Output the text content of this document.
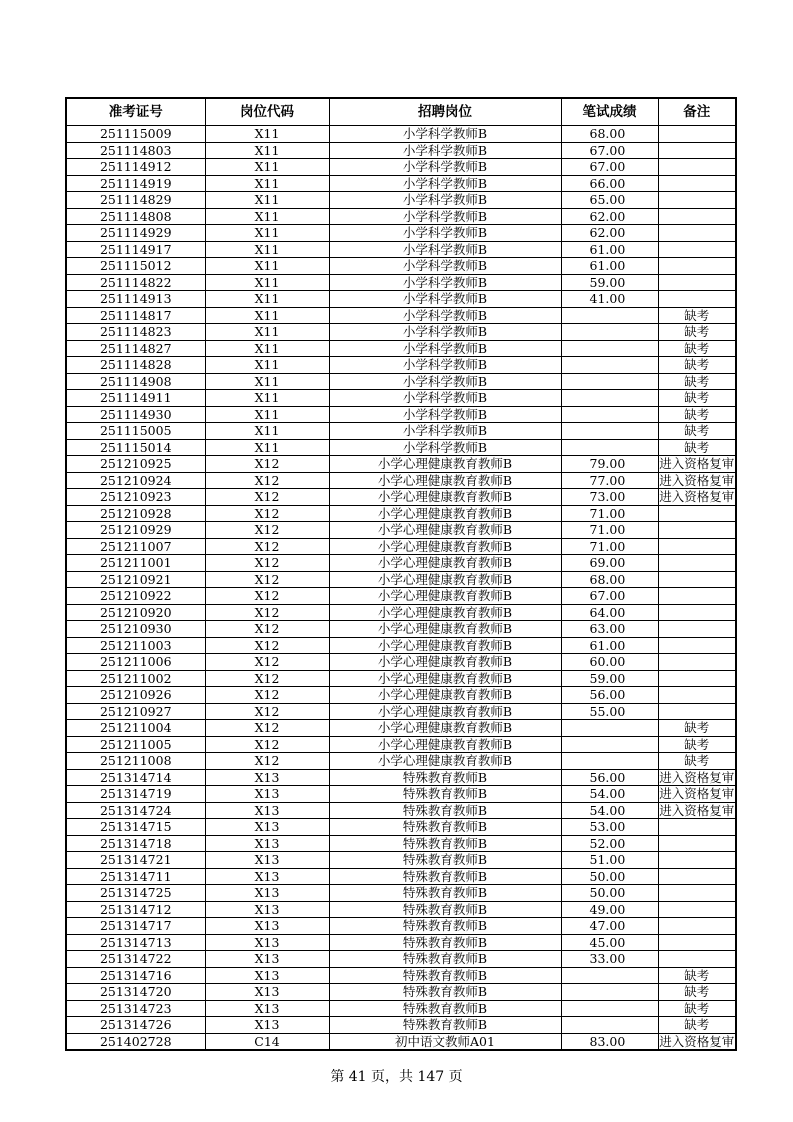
准考证号	岗位代码	招聘岗位	笔试成绩	备注
251115009	X11	小学科学教师B	68.00	
251114803	X11	小学科学教师B	67.00	
251114912	X11	小学科学教师B	67.00	
251114919	X11	小学科学教师B	66.00	
251114829	X11	小学科学教师B	65.00	
251114808	X11	小学科学教师B	62.00	
251114929	X11	小学科学教师B	62.00	
251114917	X11	小学科学教师B	61.00	
251115012	X11	小学科学教师B	61.00	
251114822	X11	小学科学教师B	59.00	
251114913	X11	小学科学教师B	41.00	
251114817	X11	小学科学教师B		缺考
251114823	X11	小学科学教师B		缺考
251114827	X11	小学科学教师B		缺考
251114828	X11	小学科学教师B		缺考
251114908	X11	小学科学教师B		缺考
251114911	X11	小学科学教师B		缺考
251114930	X11	小学科学教师B		缺考
251115005	X11	小学科学教师B		缺考
251115014	X11	小学科学教师B		缺考
251210925	X12	小学心理健康教育教师B	79.00	进入资格复审
251210924	X12	小学心理健康教育教师B	77.00	进入资格复审
251210923	X12	小学心理健康教育教师B	73.00	进入资格复审
251210928	X12	小学心理健康教育教师B	71.00	
251210929	X12	小学心理健康教育教师B	71.00	
251211007	X12	小学心理健康教育教师B	71.00	
251211001	X12	小学心理健康教育教师B	69.00	
251210921	X12	小学心理健康教育教师B	68.00	
251210922	X12	小学心理健康教育教师B	67.00	
251210920	X12	小学心理健康教育教师B	64.00	
251210930	X12	小学心理健康教育教师B	63.00	
251211003	X12	小学心理健康教育教师B	61.00	
251211006	X12	小学心理健康教育教师B	60.00	
251211002	X12	小学心理健康教育教师B	59.00	
251210926	X12	小学心理健康教育教师B	56.00	
251210927	X12	小学心理健康教育教师B	55.00	
251211004	X12	小学心理健康教育教师B		缺考
251211005	X12	小学心理健康教育教师B		缺考
251211008	X12	小学心理健康教育教师B		缺考
251314714	X13	特殊教育教师B	56.00	进入资格复审
251314719	X13	特殊教育教师B	54.00	进入资格复审
251314724	X13	特殊教育教师B	54.00	进入资格复审
251314715	X13	特殊教育教师B	53.00	
251314718	X13	特殊教育教师B	52.00	
251314721	X13	特殊教育教师B	51.00	
251314711	X13	特殊教育教师B	50.00	
251314725	X13	特殊教育教师B	50.00	
251314712	X13	特殊教育教师B	49.00	
251314717	X13	特殊教育教师B	47.00	
251314713	X13	特殊教育教师B	45.00	
251314722	X13	特殊教育教师B	33.00	
251314716	X13	特殊教育教师B		缺考
251314720	X13	特殊教育教师B		缺考
251314723	X13	特殊教育教师B		缺考
251314726	X13	特殊教育教师B		缺考
251402728	C14	初中语文教师A01	83.00	进入资格复审
第 41 页，共 147 页
